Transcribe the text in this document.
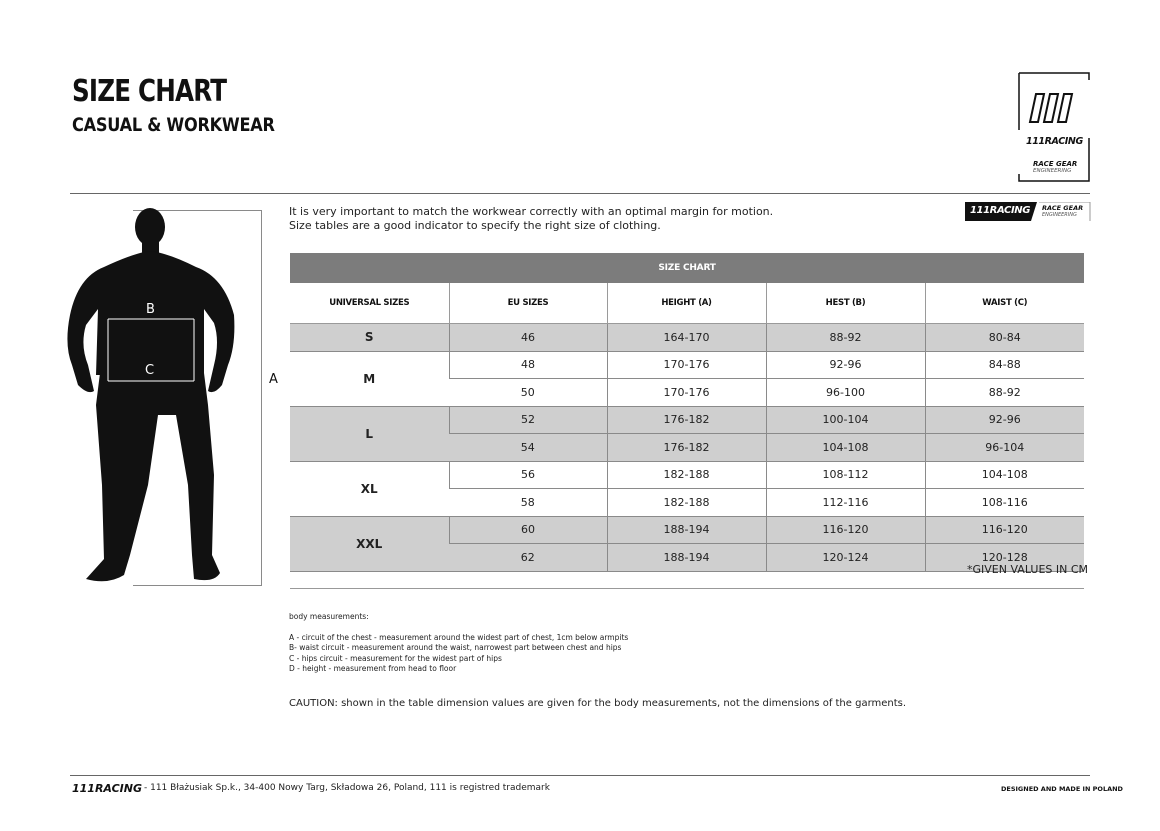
SIZE CHART
CASUAL & WORKWEAR
111RACING
RACE GEAR
ENGINEERING
It is very important to match the workwear correctly with an optimal margin for motion.
Size tables are a good indicator to specify the right size of clothing.
111RACING RACE GEAR
ENGINEERING
B
C
A
SIZE CHART				
UNIVERSAL SIZES	EU SIZES	HEIGHT (A)	HEST (B)	WAIST (C)
S	46	164-170	88-92	80-84
M	48	170-176	92-96	84-88
	50	170-176	96-100	88-92
L	52	176-182	100-104	92-96
	54	176-182	104-108	96-104
XL	56	182-188	108-112	104-108
	58	182-188	112-116	108-116
XXL	60	188-194	116-120	116-120
	62	188-194	120-124	120-128
*GIVEN VALUES IN CM
body measurements:
A - circuit of the chest - measurement around the widest part of chest, 1cm below armpits
B- waist circuit - measurement around the waist, narrowest part between chest and hips
C - hips circuit - measurement for the widest part of hips
D - height - measurement from head to floor
CAUTION: shown in the table dimension values are given for the body measurements, not the dimensions of the garments.
111RACING - 111 Błażusiak Sp.k., 34-400 Nowy Targ, Składowa 26, Poland, 111 is registred trademark	DESIGNED AND MADE IN POLAND
